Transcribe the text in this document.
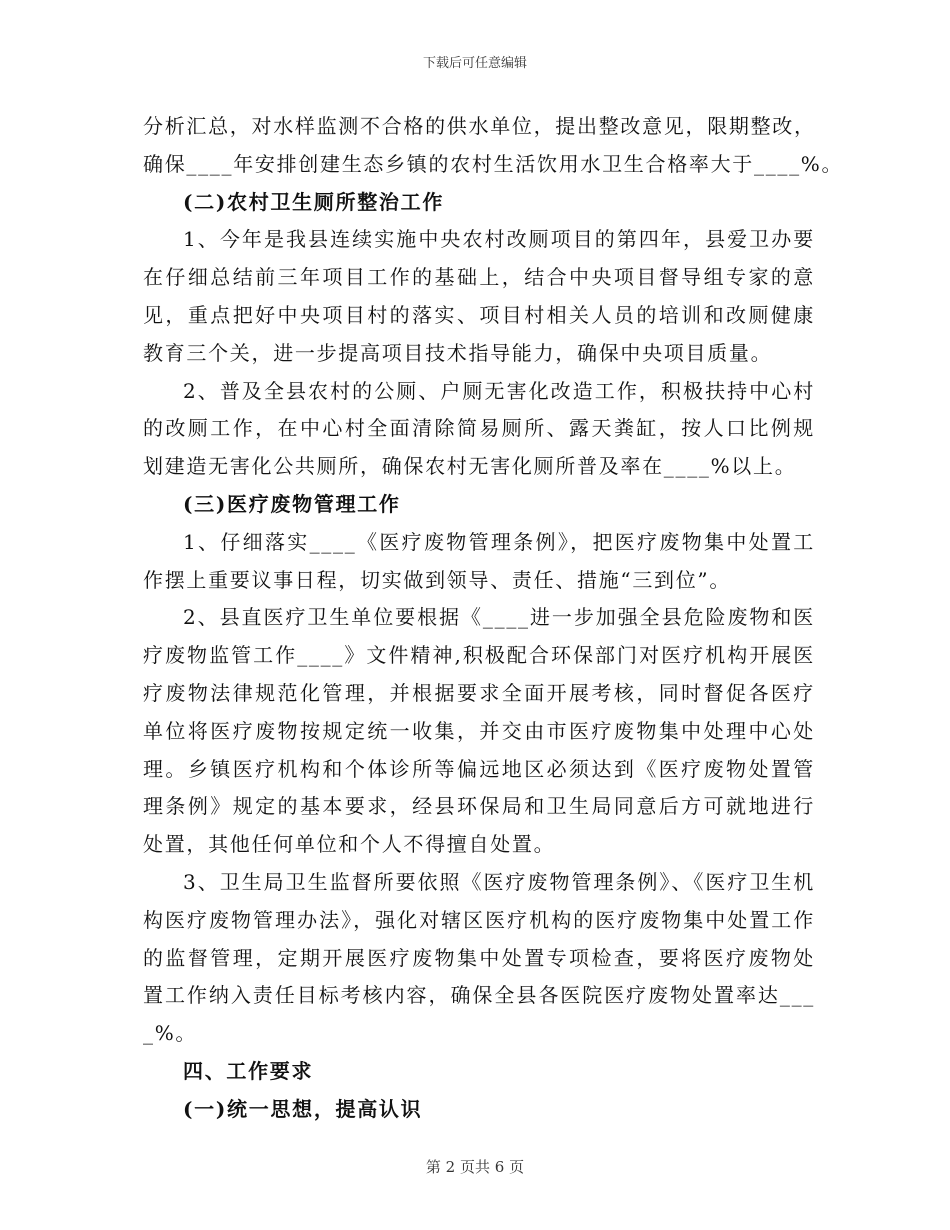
下载后可任意编辑

分析汇总，对水样监测不合格的供水单位，提出整改意见，限期整改，
确保____年安排创建生态乡镇的农村生活饮用水卫生合格率大于____%。

(二)农村卫生厕所整治工作

1、今年是我县连续实施中央农村改厕项目的第四年，县爱卫办要在仔细总结前三年项目工作的基础上，结合中央项目督导组专家的意见，重点把好中央项目村的落实、项目村相关人员的培训和改厕健康教育三个关，进一步提高项目技术指导能力，确保中央项目质量。

2、普及全县农村的公厕、户厕无害化改造工作，积极扶持中心村的改厕工作，在中心村全面清除简易厕所、露天粪缸，按人口比例规划建造无害化公共厕所，确保农村无害化厕所普及率在____%以上。

(三)医疗废物管理工作

1、仔细落实____《医疗废物管理条例》，把医疗废物集中处置工作摆上重要议事日程，切实做到领导、责任、措施“三到位”。

2、县直医疗卫生单位要根据《____进一步加强全县危险废物和医疗废物监管工作____》文件精神,积极配合环保部门对医疗机构开展医疗废物法律规范化管理，并根据要求全面开展考核，同时督促各医疗单位将医疗废物按规定统一收集，并交由市医疗废物集中处理中心处理。乡镇医疗机构和个体诊所等偏远地区必须达到《医疗废物处置管理条例》规定的基本要求，经县环保局和卫生局同意后方可就地进行处置，其他任何单位和个人不得擅自处置。

3、卫生局卫生监督所要依照《医疗废物管理条例》、《医疗卫生机构医疗废物管理办法》，强化对辖区医疗机构的医疗废物集中处置工作的监督管理，定期开展医疗废物集中处置专项检查，要将医疗废物处置工作纳入责任目标考核内容，确保全县各医院医疗废物处置率达____%。

四、工作要求

(一)统一思想，提高认识

第 2 页共 6 页
